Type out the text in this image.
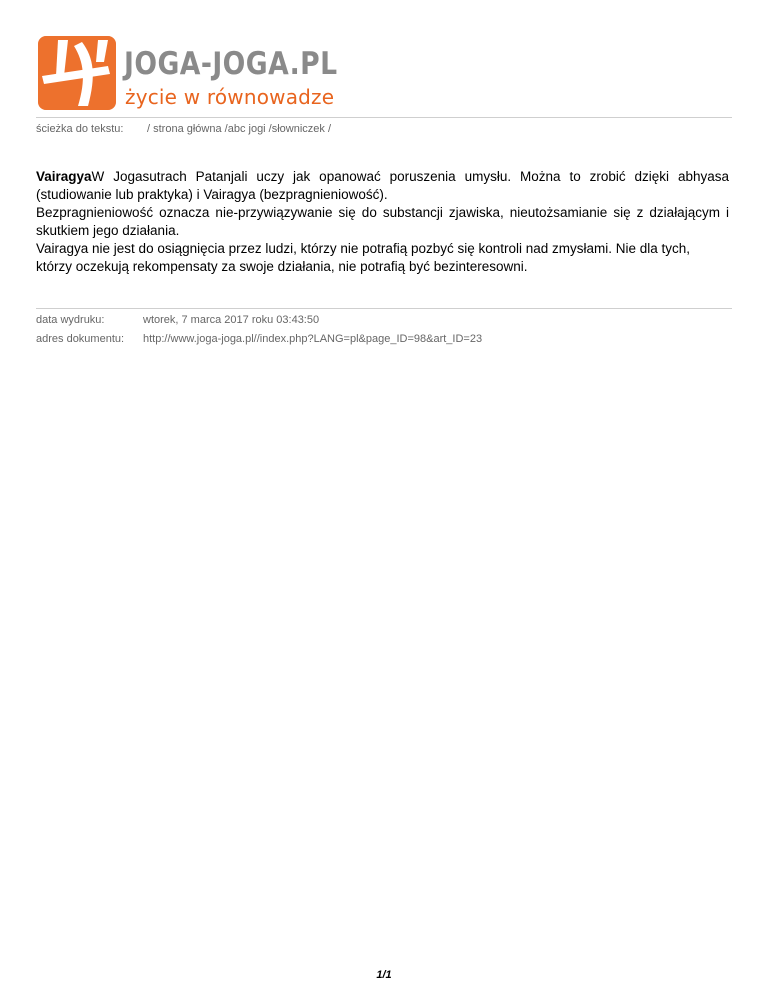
JOGA-JOGA.PL
życie w równowadze
ścieżka do tekstu: / strona główna /abc jogi /słowniczek /

VairagyaW Jogasutrach Patanjali uczy jak opanować poruszenia umysłu. Można to zrobić dzięki abhyasa (studiowanie lub praktyka) i Vairagya (bezpragnieniowość).

Bezpragnieniowość oznacza nie-przywiązywanie się do substancji zjawiska, nieutożsamianie się z działającym i skutkiem jego działania.

Vairagya nie jest do osiągnięcia przez ludzi, którzy nie potrafią pozbyć się kontroli nad zmysłami. Nie dla tych, którzy oczekują rekompensaty za swoje działania, nie potrafią być bezinteresowni.

data wydruku:	wtorek, 7 marca 2017 roku 03:43:50
adres dokumentu: http://www.joga-joga.pl//index.php?LANG=pl&page_ID=98&art_ID=23
1/1
